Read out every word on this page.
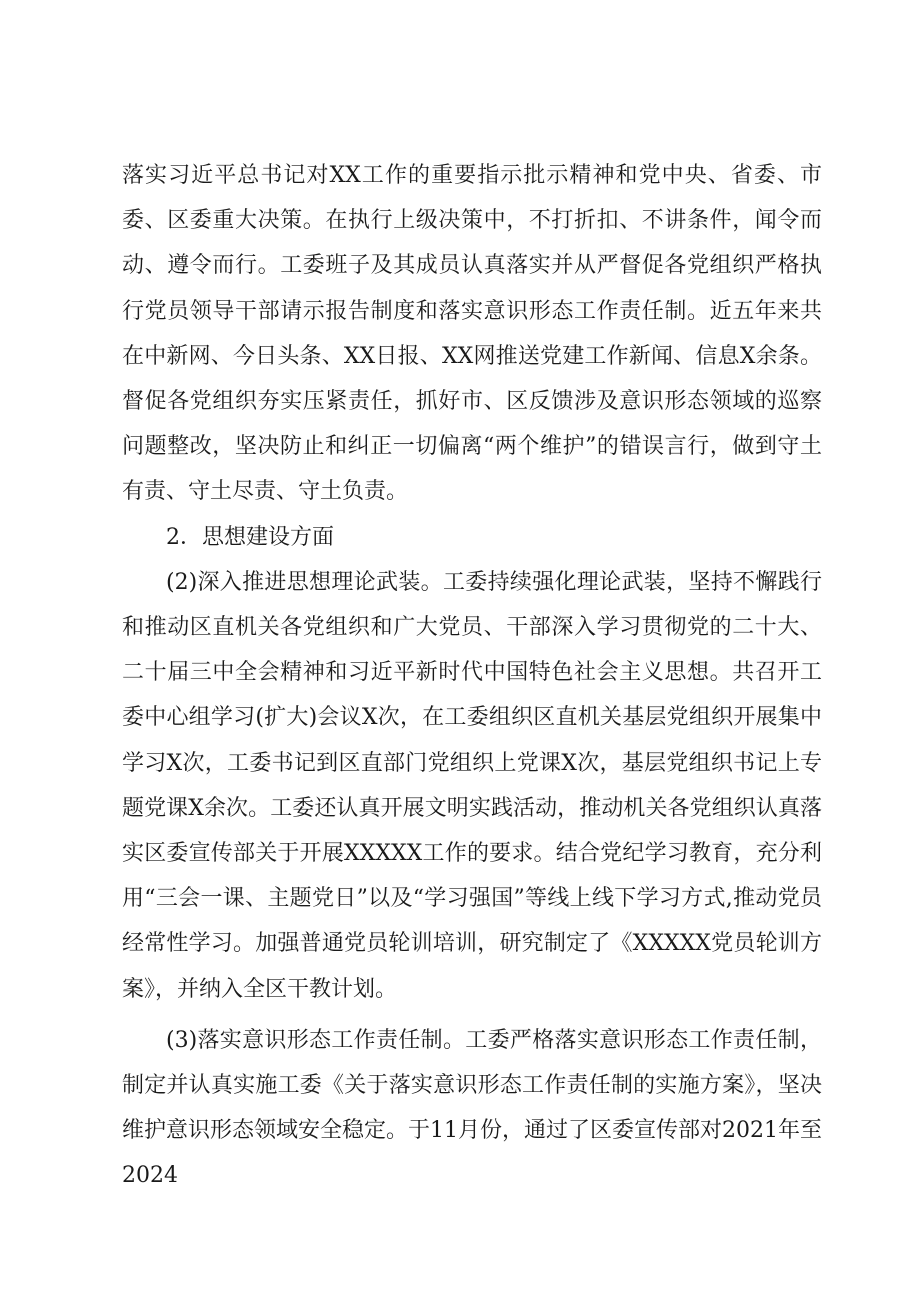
落实习近平总书记对XX工作的重要指示批示精神和党中央、省委、市委、区委重大决策。在执行上级决策中，不打折扣、不讲条件，闻令而动、遵令而行。工委班子及其成员认真落实并从严督促各党组织严格执行党员领导干部请示报告制度和落实意识形态工作责任制。近五年来共在中新网、今日头条、XX日报、XX网推送党建工作新闻、信息X余条。督促各党组织夯实压紧责任，抓好市、区反馈涉及意识形态领域的巡察问题整改，坚决防止和纠正一切偏离“两个维护”的错误言行，做到守土有责、守土尽责、守土负责。

2．思想建设方面

(2)深入推进思想理论武装。工委持续强化理论武装，坚持不懈践行和推动区直机关各党组织和广大党员、干部深入学习贯彻党的二十大、二十届三中全会精神和习近平新时代中国特色社会主义思想。共召开工委中心组学习(扩大)会议X次，在工委组织区直机关基层党组织开展集中学习X次，工委书记到区直部门党组织上党课X次，基层党组织书记上专题党课X余次。工委还认真开展文明实践活动，推动机关各党组织认真落实区委宣传部关于开展XXXXX工作的要求。结合党纪学习教育，充分利用“三会一课、主题党日”以及“学习强国”等线上线下学习方式,推动党员经常性学习。加强普通党员轮训培训，研究制定了《XXXXX党员轮训方案》，并纳入全区干教计划。

(3)落实意识形态工作责任制。工委严格落实意识形态工作责任制，制定并认真实施工委《关于落实意识形态工作责任制的实施方案》，坚决维护意识形态领域安全稳定。于11月份，通过了区委宣传部对2021年至2024
